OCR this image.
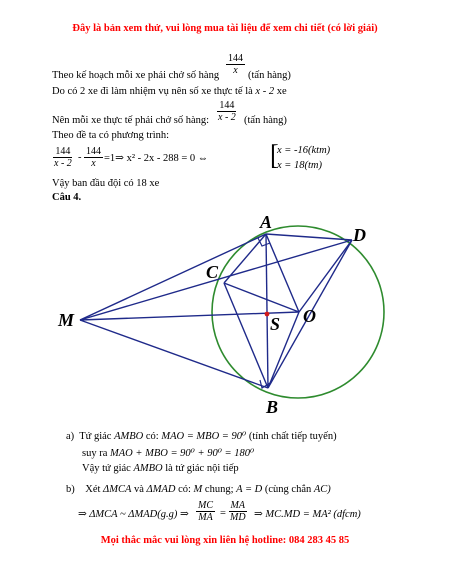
Đây là bản xem thử, vui lòng mua tài liệu để xem chi tiết (có lời giải)
$\frac{144}{x}$
Theo kế hoạch mỗi xe phải chở số hàng	(tấn hàng)
Do có 2 xe đi làm nhiệm vụ nên số xe thực tế là x - 2 xe
Nên mỗi xe thực tế phải chở số hàng: $\frac{144}{x - 2}$ (tấn hàng)
Theo đề ta có phương trình:
$\frac{144}{x - 2} - \frac{144}{x}$ =1⇒ x² - 2x - 288 = 0 ⇔ [
x = -16(ktm)
x = 18(tm)
Vậy ban đầu đội có 18 xe
Câu 4.
A
D
C
M	S O
B
a) Tứ giác AMBO có: MAO = MBO = 90⁰ (tính chất tiếp tuyến)
suy ra MAO + MBO = 90⁰ + 90⁰ = 180⁰
Vậy tứ giác AMBO là tứ giác nội tiếp
b) Xét ΔMCA và ΔMAD có: M chung; A = D (cùng chắn AC)
⇒ ΔMCA ~ ΔMAD(g.g) ⇒ $\frac{MC}{MA} = \frac{MA}{MD}$ ⇒ MC.MD = MA² (dfcm)
Mọi thắc mắc vui lòng xin liên hệ hotline: 084 283 45 85
